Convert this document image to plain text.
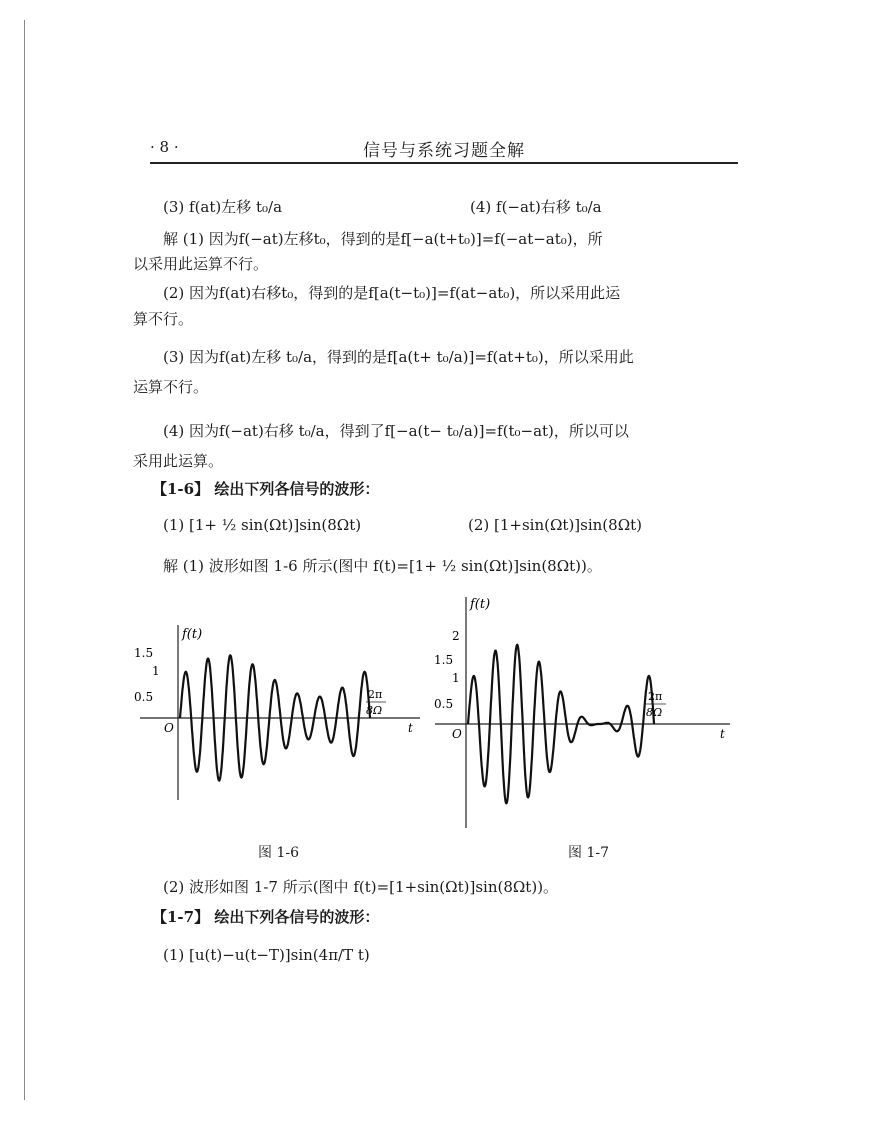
· 8 ·	信号与系统习题全解
(3) f(at)左移 t₀/a	(4) f(−at)右移 t₀/a
解 (1) 因为f(−at)左移t₀，得到的是f[−a(t+t₀)]=f(−at−at₀)，所
以采用此运算不行。
(2) 因为f(at)右移t₀，得到的是f[a(t−t₀)]=f(at−at₀)，所以采用此运
算不行。
(3) 因为f(at)左移 t₀/a，得到的是f[a(t+ t₀/a)]=f(at+t₀)，所以采用此
运算不行。
(4) 因为f(−at)右移 t₀/a，得到了f[−a(t− t₀/a)]=f(t₀−at)，所以可以
采用此运算。
【1-6】 绘出下列各信号的波形：
(1) [1+ ½ sin(Ωt)]sin(8Ωt)	(2) [1+sin(Ωt)]sin(8Ωt)
解 (1) 波形如图 1-6 所示(图中 f(t)=[1+ ½ sin(Ωt)]sin(8Ωt))。
f(t)
1.5
1
0.5
O	t
2π
8Ω
图 1-6
f(t)
2
1.5
1
0.5
O	t
2π
8Ω
图 1-7
(2) 波形如图 1-7 所示(图中 f(t)=[1+sin(Ωt)]sin(8Ωt))。
【1-7】 绘出下列各信号的波形：
(1) [u(t)−u(t−T)]sin(4π/T t)
